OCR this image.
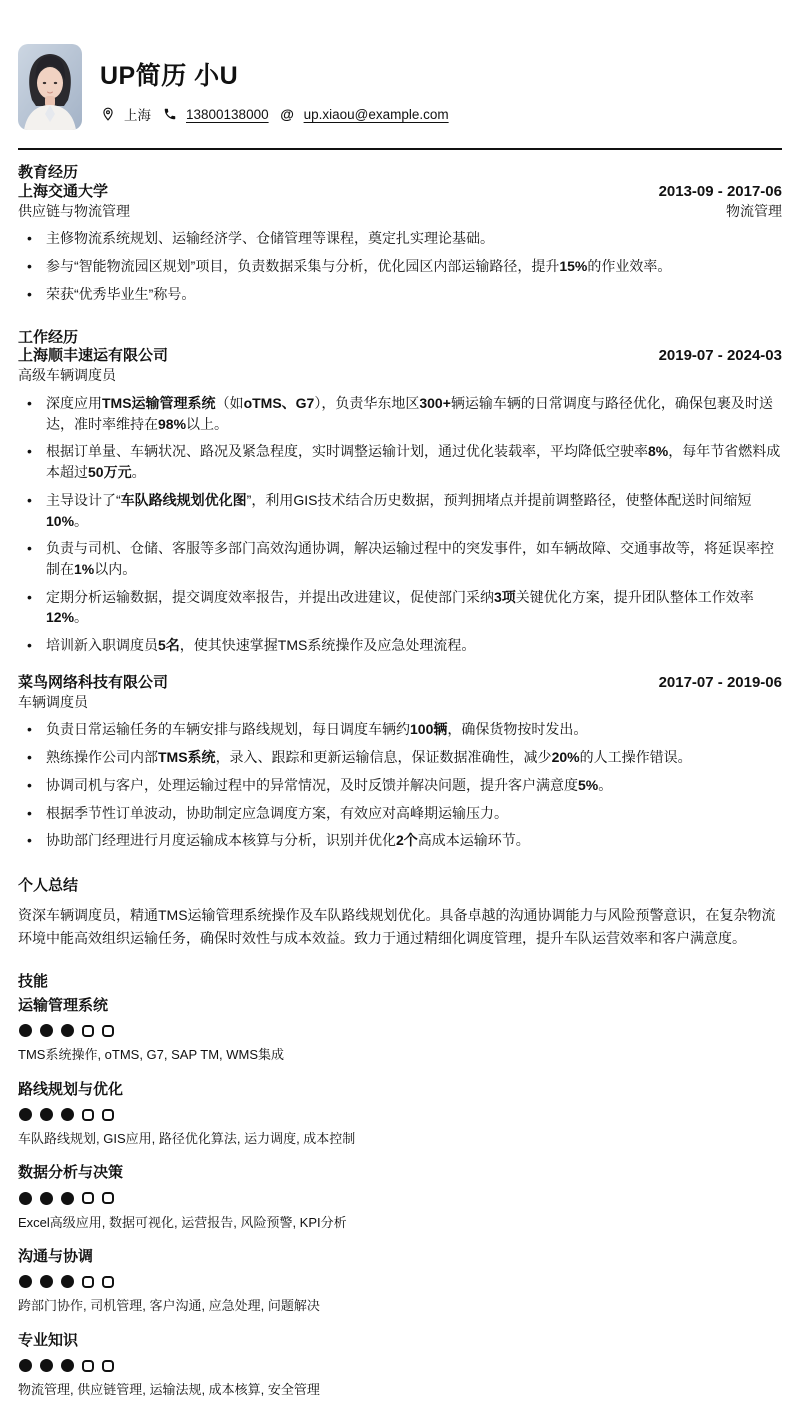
UP简历 小U
上海	13800138000 @ up.xiaou@example.com
教育经历
上海交通大学	2013-09 - 2017-06
供应链与物流管理	物流管理
• 主修物流系统规划、运输经济学、仓储管理等课程，奠定扎实理论基础。
• 参与“智能物流园区规划”项目，负责数据采集与分析，优化园区内部运输路径，提升15%的作业效率。
• 荣获“优秀毕业生”称号。
工作经历
上海顺丰速运有限公司	2019-07 - 2024-03
高级车辆调度员
• 深度应用TMS运输管理系统（如oTMS、G7），负责华东地区300+辆运输车辆的日常调度与路径优化，确保包裹及时送达，准时率维持在98%以上。
• 根据订单量、车辆状况、路况及紧急程度，实时调整运输计划，通过优化装载率，平均降低空驶率8%，每年节省燃料成本超过50万元。
• 主导设计了“车队路线规划优化图”，利用GIS技术结合历史数据，预判拥堵点并提前调整路径，使整体配送时间缩短10%。
• 负责与司机、仓储、客服等多部门高效沟通协调，解决运输过程中的突发事件，如车辆故障、交通事故等，将延误率控制在1%以内。
• 定期分析运输数据，提交调度效率报告，并提出改进建议，促使部门采纳3项关键优化方案，提升团队整体工作效率12%。
• 培训新入职调度员5名，使其快速掌握TMS系统操作及应急处理流程。
菜鸟网络科技有限公司	2017-07 - 2019-06
车辆调度员
• 负责日常运输任务的车辆安排与路线规划，每日调度车辆约100辆，确保货物按时发出。
• 熟练操作公司内部TMS系统，录入、跟踪和更新运输信息，保证数据准确性，减少20%的人工操作错误。
• 协调司机与客户，处理运输过程中的异常情况，及时反馈并解决问题，提升客户满意度5%。
• 根据季节性订单波动，协助制定应急调度方案，有效应对高峰期运输压力。
• 协助部门经理进行月度运输成本核算与分析，识别并优化2个高成本运输环节。
个人总结

资深车辆调度员，精通TMS运输管理系统操作及车队路线规划优化。具备卓越的沟通协调能力与风险预警意识，在复杂物流环境中能高效组织运输任务，确保时效性与成本效益。致力于通过精细化调度管理，提升车队运营效率和客户满意度。

技能
运输管理系统
TMS系统操作, oTMS, G7, SAP TM, WMS集成
路线规划与优化
车队路线规划, GIS应用, 路径优化算法, 运力调度, 成本控制
数据分析与决策
Excel高级应用, 数据可视化, 运营报告, 风险预警, KPI分析
沟通与协调
跨部门协作, 司机管理, 客户沟通, 应急处理, 问题解决
专业知识
物流管理, 供应链管理, 运输法规, 成本核算, 安全管理
